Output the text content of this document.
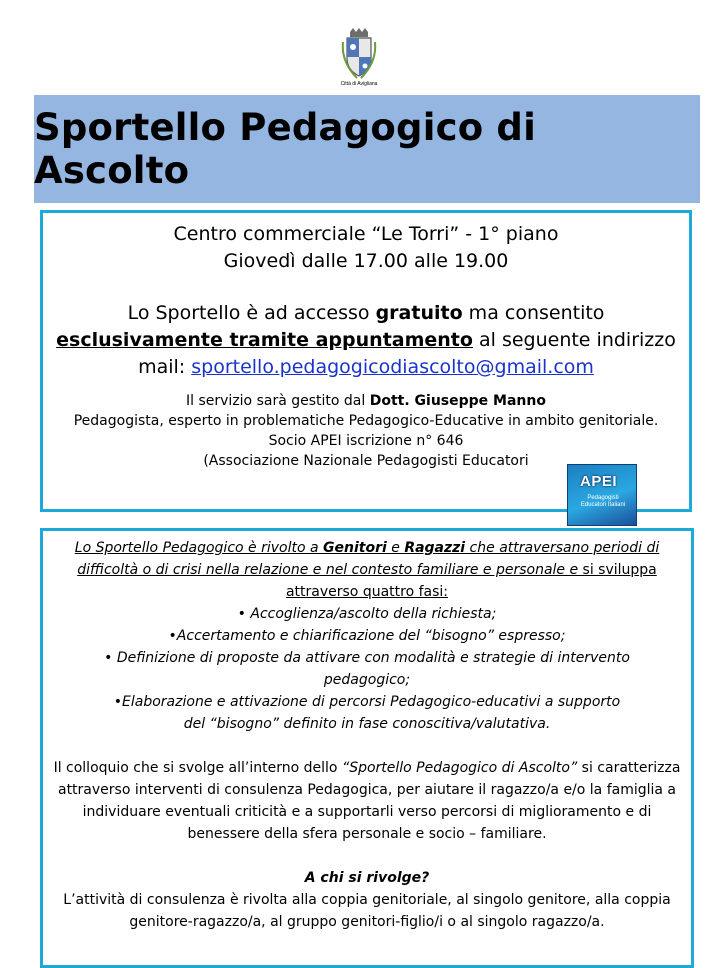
Città di Avigliana
Sportello Pedagogico di Ascolto

Centro commerciale “Le Torri” - 1° piano

Giovedì dalle 17.00 alle 19.00

Lo Sportello è ad accesso gratuito ma consentito

esclusivamente tramite appuntamento al seguente indirizzo

mail: sportello.pedagogicodiascolto@gmail.com

Il servizio sarà gestito dal Dott. Giuseppe Manno

Pedagogista, esperto in problematiche Pedagogico-Educative in ambito genitoriale.

Socio APEI iscrizione n° 646

(Associazione Nazionale Pedagogisti Educatori

APEI
Pedagogisti Educatori Italiani

Lo Sportello Pedagogico è rivolto a Genitori e Ragazzi che attraversano periodi di difficoltà o di crisi nella relazione e nel contesto familiare e personale e si sviluppa attraverso quattro fasi:

• Accoglienza/ascolto della richiesta;

•Accertamento e chiarificazione del “bisogno” espresso;

• Definizione di proposte da attivare con modalità e strategie di intervento pedagogico;

•Elaborazione e attivazione di percorsi Pedagogico-educativi a supporto del “bisogno” definito in fase conoscitiva/valutativa.

Il colloquio che si svolge all’interno dello “Sportello Pedagogico di Ascolto” si caratterizza attraverso interventi di consulenza Pedagogica, per aiutare il ragazzo/a e/o la famiglia a individuare eventuali criticità e a supportarli verso percorsi di miglioramento e di benessere della sfera personale e socio – familiare.

A chi si rivolge?

L’attività di consulenza è rivolta alla coppia genitoriale, al singolo genitore, alla coppia genitore-ragazzo/a, al gruppo genitori-figlio/i o al singolo ragazzo/a.
